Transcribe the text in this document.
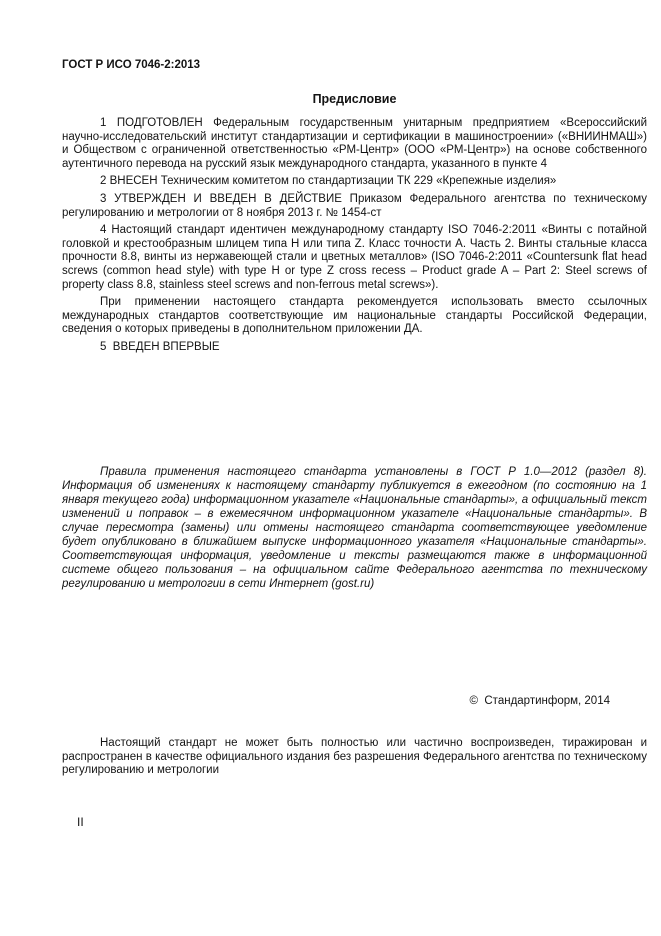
ГОСТ Р ИСО 7046-2:2013
Предисловие

1 ПОДГОТОВЛЕН Федеральным государственным унитарным предприятием «Всероссийский научно-исследовательский институт стандартизации и сертификации в машиностроении» («ВНИИНМАШ») и Обществом с ограниченной ответственностью «РМ-Центр» (ООО «РМ-Центр») на основе собственного аутентичного перевода на русский язык международного стандарта, указанного в пункте 4

2 ВНЕСЕН Техническим комитетом по стандартизации ТК 229 «Крепежные изделия»

3 УТВЕРЖДЕН И ВВЕДЕН В ДЕЙСТВИЕ Приказом Федерального агентства по техническому регулированию и метрологии от 8 ноября 2013 г. № 1454-ст

4 Настоящий стандарт идентичен международному стандарту ISO 7046-2:2011 «Винты с потайной головкой и крестообразным шлицем типа H или типа Z. Класс точности А. Часть 2. Винты стальные класса прочности 8.8, винты из нержавеющей стали и цветных металлов» (ISO 7046-2:2011 «Countersunk flat head screws (common head style) with type H or type Z cross recess – Product grade A – Part 2: Steel screws of property class 8.8, stainless steel screws and non-ferrous metal screws»).

При применении настоящего стандарта рекомендуется использовать вместо ссылочных международных стандартов соответствующие им национальные стандарты Российской Федерации, сведения о которых приведены в дополнительном приложении ДА.

5  ВВЕДЕН ВПЕРВЫЕ

Правила применения настоящего стандарта установлены в ГОСТ Р 1.0—2012 (раздел 8). Информация об изменениях к настоящему стандарту публикуется в ежегодном (по состоянию на 1 января текущего года) информационном указателе «Национальные стандарты», а официальный текст изменений и поправок – в ежемесячном информационном указателе «Национальные стандарты». В случае пересмотра (замены) или отмены настоящего стандарта соответствующее уведомление будет опубликовано в ближайшем выпуске информационного указателя «Национальные стандарты». Соответствующая информация, уведомление и тексты размещаются также в информационной системе общего пользования – на официальном сайте Федерального агентства по техническому регулированию и метрологии в сети Интернет (gost.ru)

©  Стандартинформ, 2014

Настоящий стандарт не может быть полностью или частично воспроизведен, тиражирован и распространен в качестве официального издания без разрешения Федерального агентства по техническому регулированию и метрологии

II
